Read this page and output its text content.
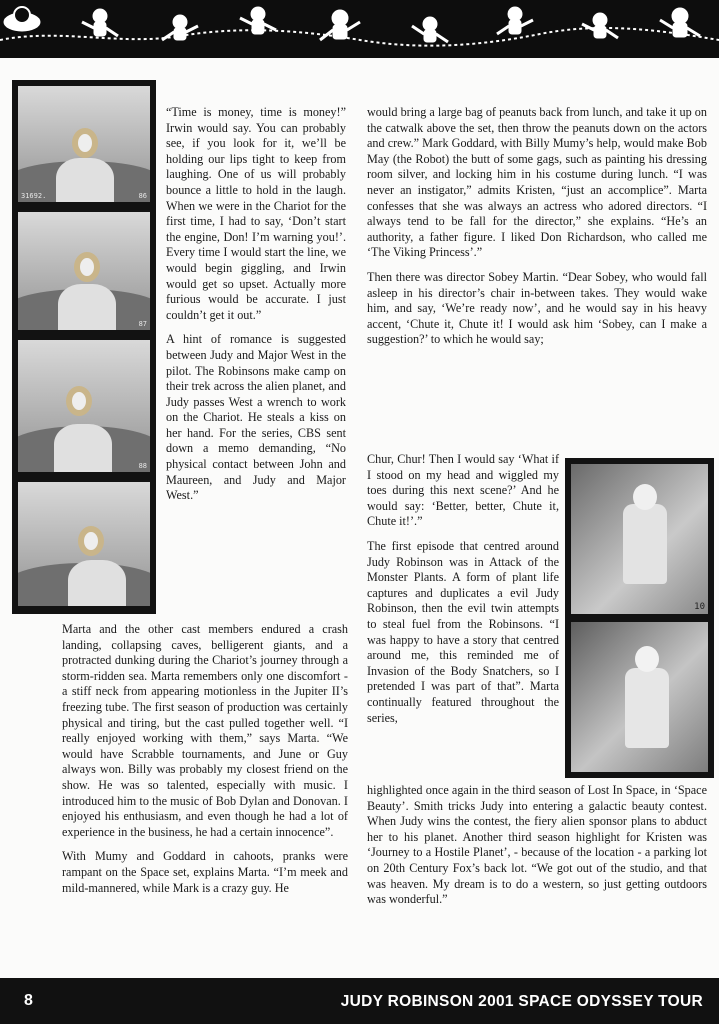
31692.	86
87
88
10

“Time is money, time is money!” Irwin would say. You can probably see, if you look for it, we’ll be holding our lips tight to keep from laughing. One of us will probably bounce a little to hold in the laugh. When we were in the Chariot for the first time, I had to say, ‘Don’t start the engine, Don! I’m warning you!’. Every time I would start the line, we would begin giggling, and Irwin would get so upset. Actually more furious would be accurate. I just couldn’t get it out.”

A hint of romance is suggested between Judy and Major West in the pilot. The Robinsons make camp on their trek across the alien planet, and Judy passes West a wrench to work on the Chariot. He steals a kiss on her hand. For the series, CBS sent down a memo demanding, “No physical contact between John and Maureen, and Judy and Major West.”

Marta and the other cast members endured a crash landing, collapsing caves, belligerent giants, and a protracted dunking during the Chariot’s journey through a storm-ridden sea. Marta remembers only one discomfort - a stiff neck from appearing motionless in the Jupiter II’s freezing tube. The first season of production was certainly physical and tiring, but the cast pulled together well. “I really enjoyed working with them,” says Marta. “We would have Scrabble tournaments, and June or Guy always won. Billy was probably my closest friend on the show. He was so talented, especially with music. I introduced him to the music of Bob Dylan and Donovan. I enjoyed his enthusiasm, and even though he had a lot of experience in the business, he had a certain innocence”.

With Mumy and Goddard in cahoots, pranks were rampant on the Space set, explains Marta. “I’m meek and mild-mannered, while Mark is a crazy guy. He

would bring a large bag of peanuts back from lunch, and take it up on the catwalk above the set, then throw the peanuts down on the actors and crew.” Mark Goddard, with Billy Mumy’s help, would make Bob May (the Robot) the butt of some gags, such as painting his dressing room silver, and locking him in his costume during lunch. “I was never an instigator,” admits Kristen, “just an accomplice”. Marta confesses that she was always an actress who adored directors. “I always tend to be fall for the director,” she explains. “He’s an authority, a father figure. I liked Don Richardson, who called me ‘The Viking Princess’.”

Then there was director Sobey Martin. “Dear Sobey, who would fall asleep in his director’s chair in-between takes. They would wake him, and say, ‘We’re ready now’, and he would say in his heavy accent, ‘Chute it, Chute it! I would ask him ‘Sobey, can I make a suggestion?’ to which he would say;

Chur, Chur! Then I would say ‘What if I stood on my head and wiggled my toes during this next scene?’ And he would say: ‘Better, better, Chute it, Chute it!’.”

The first episode that centred around Judy Robinson was in Attack of the Monster Plants. A form of plant life captures and duplicates a evil Judy Robinson, then the evil twin attempts to steal fuel from the Robinsons. “I was happy to have a story that centred around me, this reminded me of Invasion of the Body Snatchers, so I pretended I was part of that”. Marta continually featured throughout the series,

highlighted once again in the third season of Lost In Space, in ‘Space Beauty’. Smith tricks Judy into entering a galactic beauty contest. When Judy wins the contest, the fiery alien sponsor plans to abduct her to his planet. Another third season highlight for Kristen was ‘Journey to a Hostile Planet’, - because of the location - a parking lot on 20th Century Fox’s back lot. “We got out of the studio, and that was heaven. My dream is to do a western, so just getting outdoors was wonderful.”

8	JUDY ROBINSON 2001 SPACE ODYSSEY TOUR
